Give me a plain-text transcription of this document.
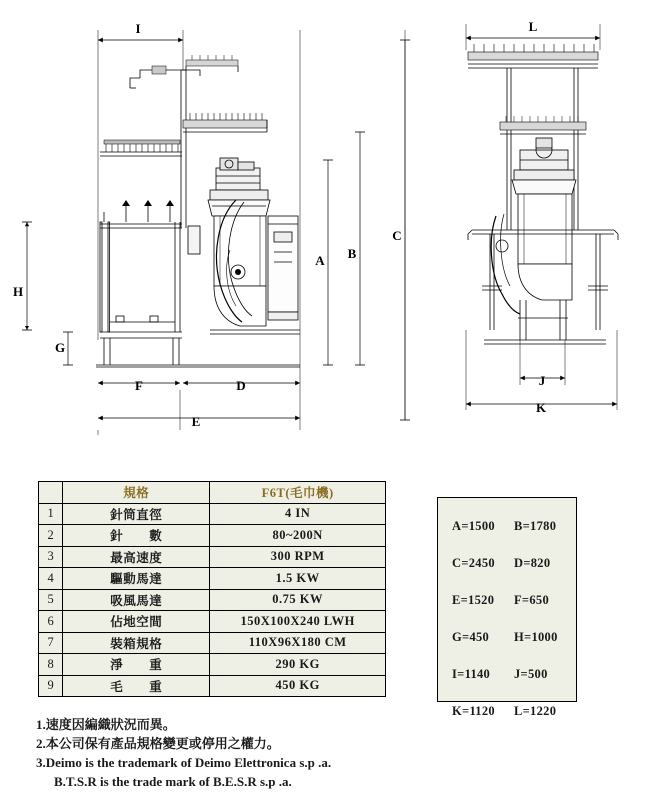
I
C
B
A
H
G
F	D
E
L
J
K
	規格	F6T(毛巾機)
1	針筒直徑	4 IN
2	針　　數	80~200N
3	最高速度	300 RPM
4	驅動馬達	1.5 KW
5	吸風馬達	0.75 KW
6	佔地空間	150X100X240 LWH
7	裝箱規格	110X96X180 CM
8	淨　　重	290 KG
9	毛　　重	450 KG
A=1500	B=1780
C=2450	D=820
E=1520	F=650
G=450	H=1000
I=1140	J=500
K=1120	L=1220
1.速度因編織狀況而異。
2.本公司保有產品規格變更或停用之權力。
3.Deimo is the trademark of Deimo Elettronica s.p .a.
B.T.S.R is the trade mark of B.E.S.R s.p .a.
